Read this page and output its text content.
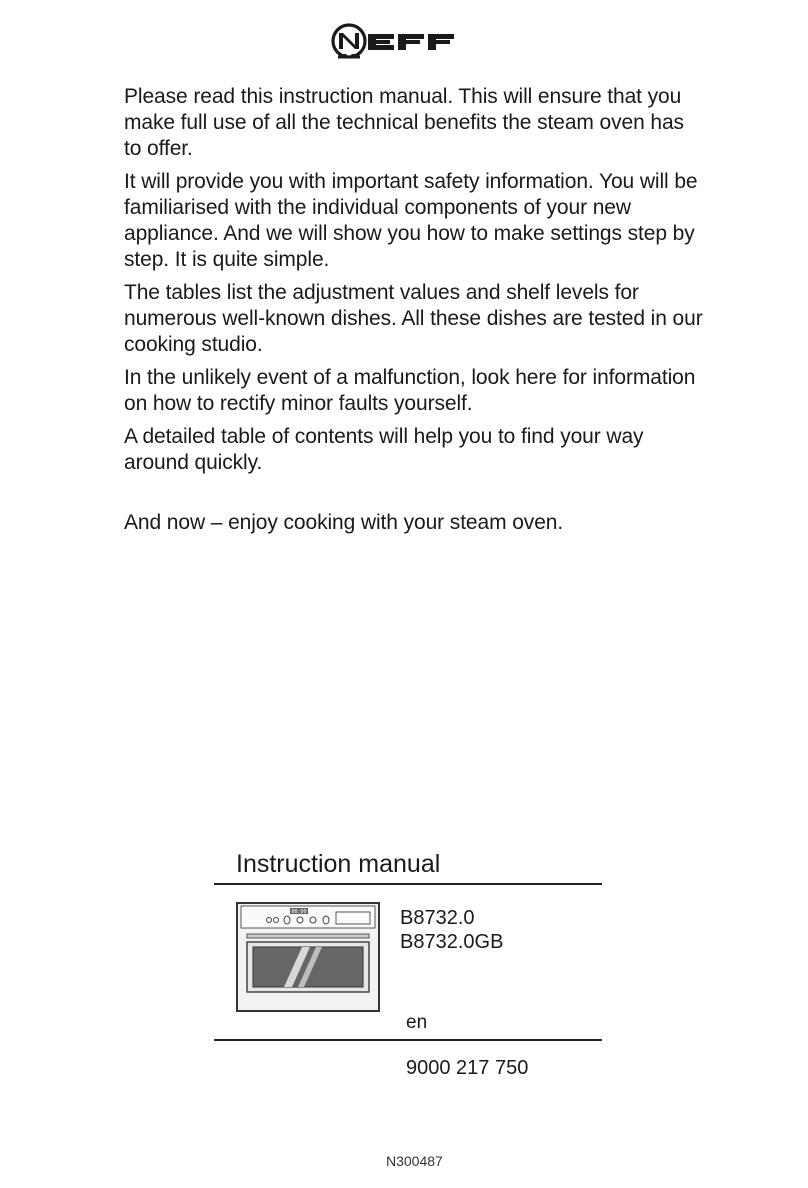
Please read this instruction manual. This will ensure that you make full use of all the technical benefits the steam oven has to offer.

It will provide you with important safety information. You will be familiarised with the individual components of your new appliance. And we will show you how to make settings step by step. It is quite simple.

The tables list the adjustment values and shelf levels for numerous well-known dishes. All these dishes are tested in our cooking studio.

In the unlikely event of a malfunction, look here for information on how to rectify minor faults yourself.

A detailed table of contents will help you to find your way around quickly.

And now – enjoy cooking with your steam oven.

Instruction manual
00:00	B8732.0
B8732.0GB
en
9000 217 750
N300487
